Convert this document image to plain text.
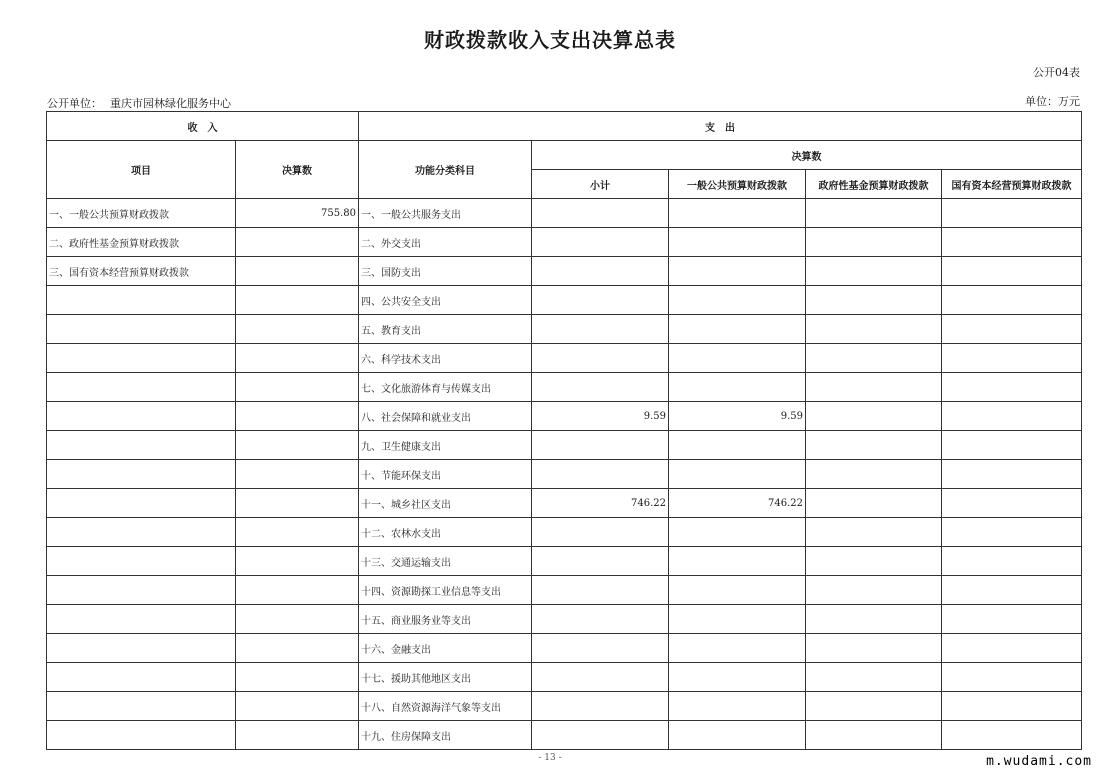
财政拨款收入支出决算总表
公开04表
公开单位： 重庆市园林绿化服务中心	单位：万元
收　入		支　出				
项目	决算数	功能分类科目	决算数			
			小计	一般公共预算财政拨款	政府性基金预算财政拨款	国有资本经营预算财政拨款
一、一般公共预算财政拨款	755.80	一、一般公共服务支出				
二、政府性基金预算财政拨款		二、外交支出				
三、国有资本经营预算财政拨款		三、国防支出				
		四、公共安全支出				
		五、教育支出				
		六、科学技术支出				
		七、文化旅游体育与传媒支出				
		八、社会保障和就业支出	9.59	9.59		
		九、卫生健康支出				
		十、节能环保支出				
		十一、城乡社区支出	746.22	746.22		
		十二、农林水支出				
		十三、交通运输支出				
		十四、资源勘探工业信息等支出				
		十五、商业服务业等支出				
		十六、金融支出				
		十七、援助其他地区支出				
		十八、自然资源海洋气象等支出				
		十九、住房保障支出				
- 13 -	m.wudami.com
